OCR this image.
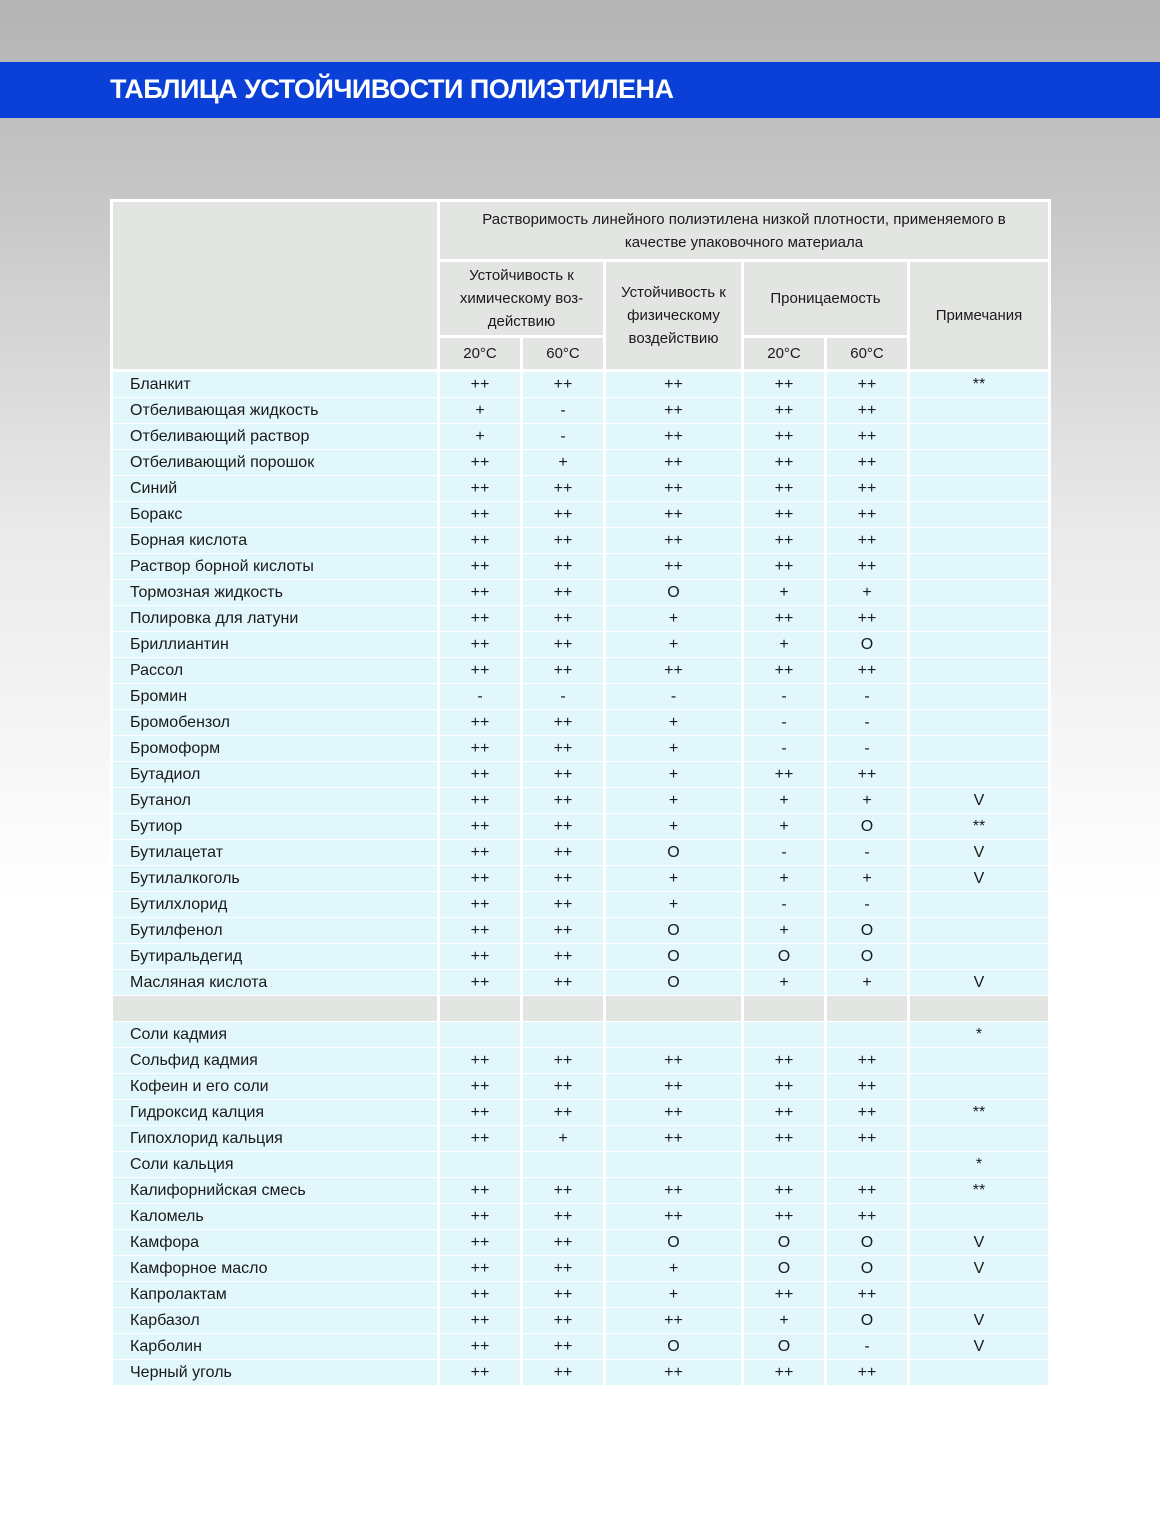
ТАБЛИЦА УСТОЙЧИВОСТИ ПОЛИЭТИЛЕНА
	Растворимость линейного полиэтилена низкой плотности, применяемого в качестве упаковочного материала					
	Устойчивость к химическому воз-действию		Устойчивость к физическому воздействию	Проницаемость		Примечания
	20°C	60°C		20°C	60°C	
Бланкит	++	++	++	++	++	**
Отбеливающая жидкость	+	-	++	++	++	
Отбеливающий раствор	+	-	++	++	++	
Отбеливающий порошок	++	+	++	++	++	
Синий	++	++	++	++	++	
Боракс	++	++	++	++	++	
Борная кислота	++	++	++	++	++	
Раствор борной кислоты	++	++	++	++	++	
Тормозная жидкость	++	++	O	+	+	
Полировка для латуни	++	++	+	++	++	
Бриллиантин	++	++	+	+	O	
Рассол	++	++	++	++	++	
Бромин	-	-	-	-	-	
Бромобензол	++	++	+	-	-	
Бромоформ	++	++	+	-	-	
Бутадиол	++	++	+	++	++	
Бутанол	++	++	+	+	+	V
Бутиор	++	++	+	+	O	**
Бутилацетат	++	++	O	-	-	V
Бутилалкоголь	++	++	+	+	+	V
Бутилхлорид	++	++	+	-	-	
Бутилфенол	++	++	O	+	O	
Бутиральдегид	++	++	O	O	O	
Масляная кислота	++	++	O	+	+	V

Соли кадмия						*
Сольфид кадмия	++	++	++	++	++	
Кофеин и его соли	++	++	++	++	++	
Гидроксид калция	++	++	++	++	++	**
Гипохлорид кальция	++	+	++	++	++	
Соли кальция						*
Калифорнийская смесь	++	++	++	++	++	**
Каломель	++	++	++	++	++	
Камфора	++	++	O	O	O	V
Камфорное масло	++	++	+	O	O	V
Капролактам	++	++	+	++	++	
Карбазол	++	++	++	+	O	V
Карболин	++	++	O	O	-	V
Черный уголь	++	++	++	++	++	
